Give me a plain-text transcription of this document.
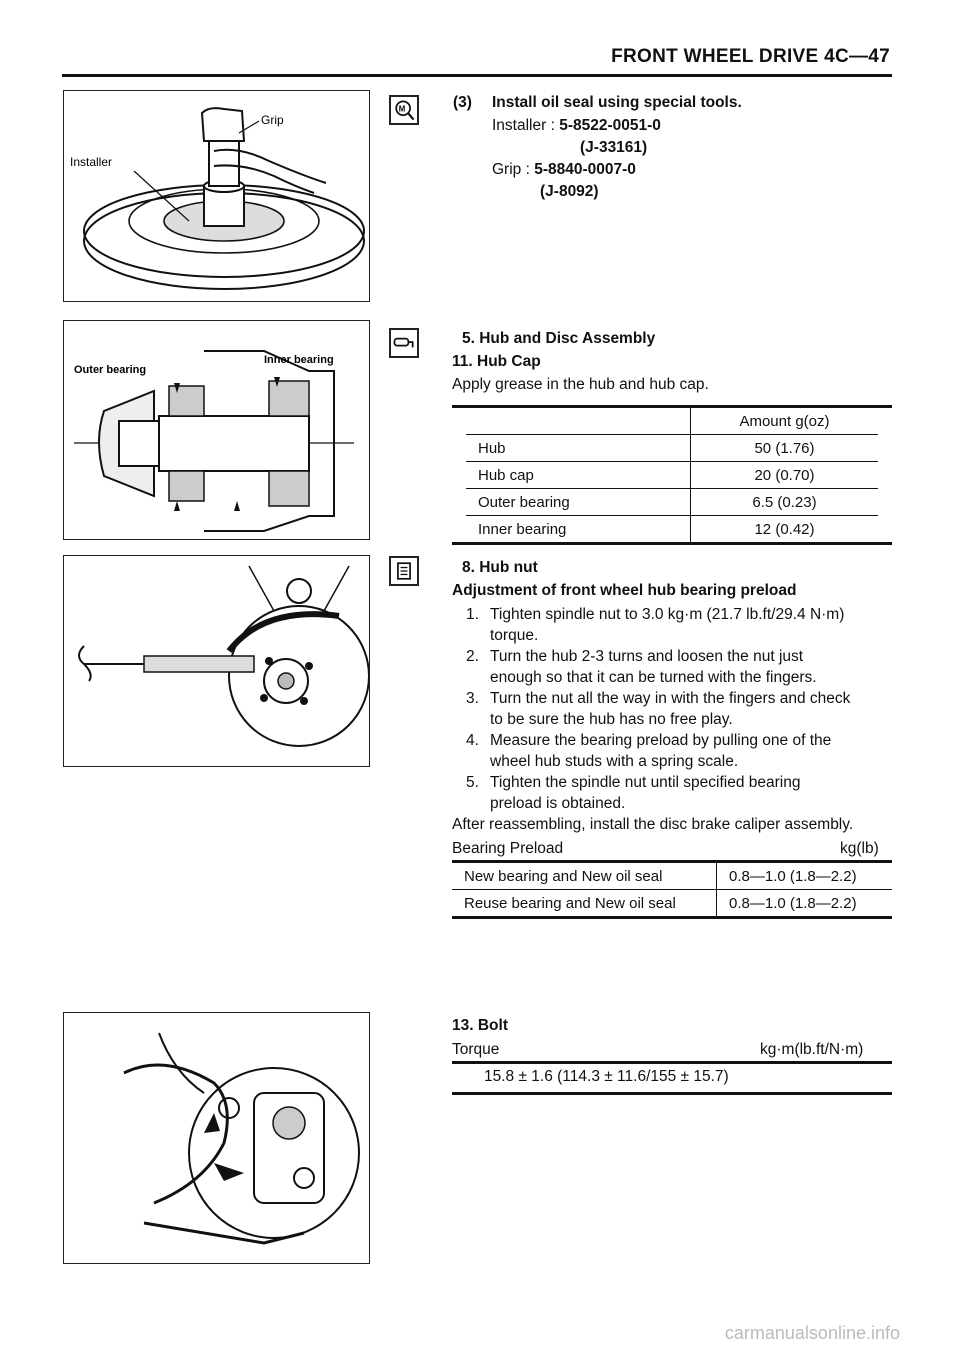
FRONT WHEEL DRIVE 4C—47
Grip
Installer
Outer bearing
Inner bearing
M	(3) Install oil seal using special tools.
Installer : 5-8522-0051-0
(J-33161)
Grip : 5-8840-0007-0
(J-8092)
5. Hub and Disc Assembly
11. Hub Cap
Apply grease in the hub and hub cap.
	Amount g(oz)
Hub	50 (1.76)
Hub cap	20 (0.70)
Outer bearing	6.5 (0.23)
Inner bearing	12 (0.42)
8. Hub nut
Adjustment of front wheel hub bearing preload
1. Tighten spindle nut to 3.0 kg·m (21.7 lb.ft/29.4 N·m)
torque.
2. Turn the hub 2-3 turns and loosen the nut just
enough so that it can be turned with the fingers.
3. Turn the nut all the way in with the fingers and check
to be sure the hub has no free play.
4. Measure the bearing preload by pulling one of the
wheel hub studs with a spring scale.
5. Tighten the spindle nut until specified bearing
preload is obtained.
After reassembling, install the disc brake caliper assembly.
Bearing Preload	kg(lb)
New bearing and New oil seal	0.8—1.0 (1.8—2.2)
Reuse bearing and New oil seal	0.8—1.0 (1.8—2.2)
13. Bolt
Torque	kg·m(lb.ft/N·m)
15.8 ± 1.6 (114.3 ± 11.6/155 ± 15.7)
carmanualsonline.info
